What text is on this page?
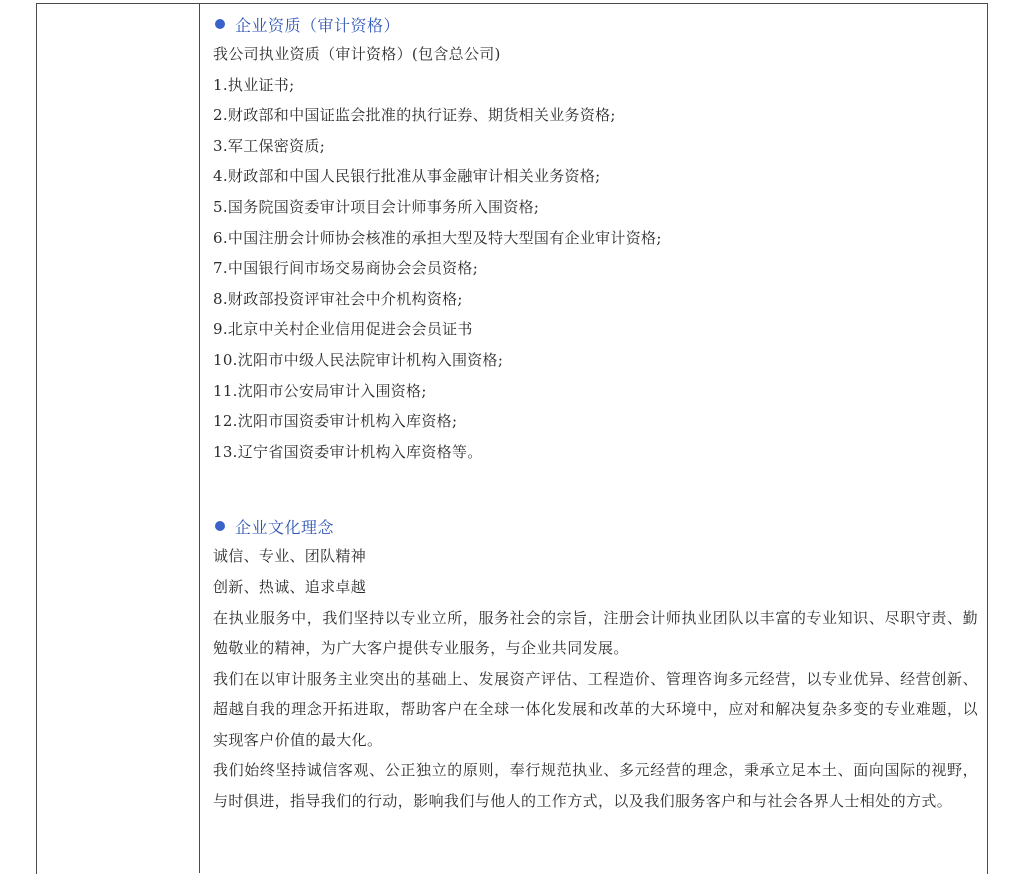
企业资质（审计资格）
我公司执业资质（审计资格）(包含总公司)
1.执业证书;
2.财政部和中国证监会批准的执行证券、期货相关业务资格;
3.军工保密资质;
4.财政部和中国人民银行批准从事金融审计相关业务资格;
5.国务院国资委审计项目会计师事务所入围资格;
6.中国注册会计师协会核准的承担大型及特大型国有企业审计资格;
7.中国银行间市场交易商协会会员资格;
8.财政部投资评审社会中介机构资格;
9.北京中关村企业信用促进会会员证书
10.沈阳市中级人民法院审计机构入围资格;
11.沈阳市公安局审计入围资格;
12.沈阳市国资委审计机构入库资格;
13.辽宁省国资委审计机构入库资格等。
企业文化理念
诚信、专业、团队精神
创新、热诚、追求卓越

在执业服务中，我们坚持以专业立所，服务社会的宗旨，注册会计师执业团队以丰富的专业知识、尽职守责、勤勉敬业的精神，为广大客户提供专业服务，与企业共同发展。

我们在以审计服务主业突出的基础上、发展资产评估、工程造价、管理咨询多元经营，以专业优异、经营创新、超越自我的理念开拓进取，帮助客户在全球一体化发展和改革的大环境中，应对和解决复杂多变的专业难题，以实现客户价值的最大化。

我们始终坚持诚信客观、公正独立的原则，奉行规范执业、多元经营的理念，秉承立足本土、面向国际的视野，与时俱进，指导我们的行动，影响我们与他人的工作方式，以及我们服务客户和与社会各界人士相处的方式。
